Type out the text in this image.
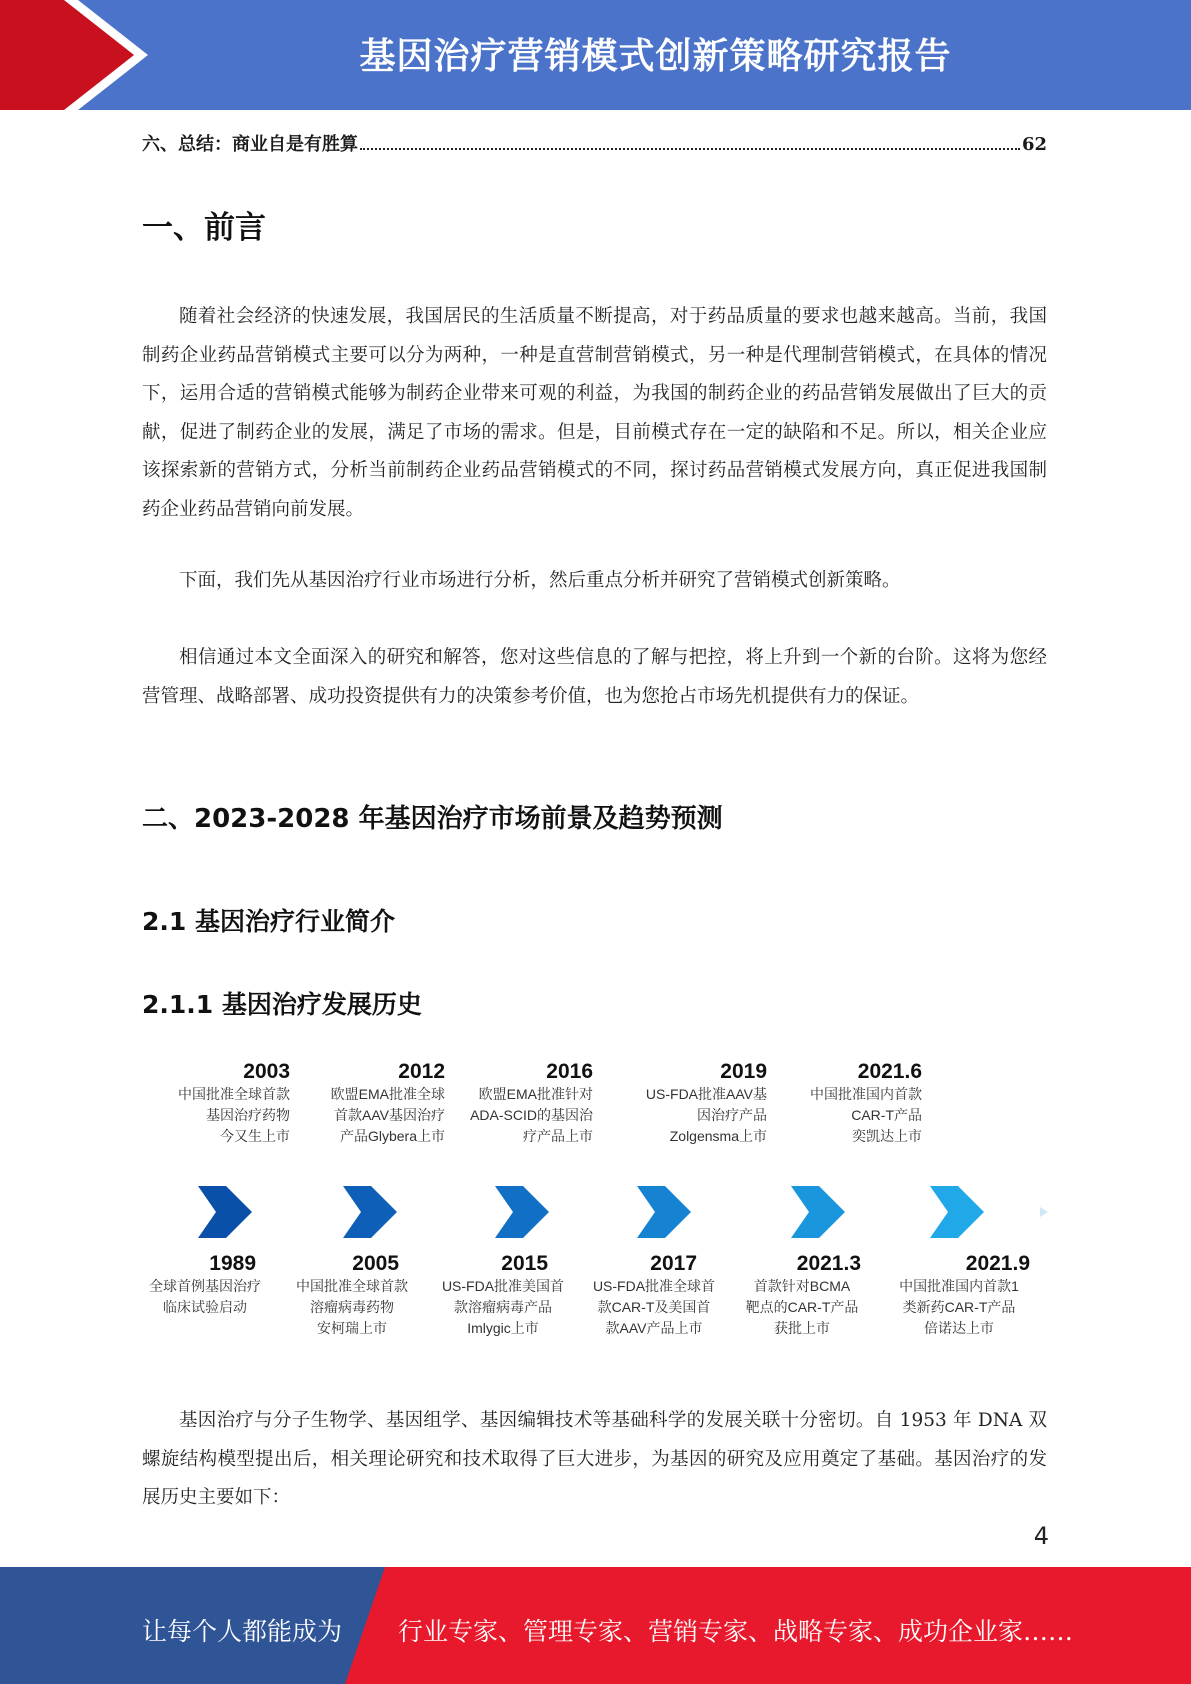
基因治疗营销模式创新策略研究报告
六、总结：商业自是有胜算	62
一、前言

随着社会经济的快速发展，我国居民的生活质量不断提高，对于药品质量的要求也越来越高。当前，我国制药企业药品营销模式主要可以分为两种，一种是直营制营销模式，另一种是代理制营销模式，在具体的情况下，运用合适的营销模式能够为制药企业带来可观的利益，为我国的制药企业的药品营销发展做出了巨大的贡献，促进了制药企业的发展，满足了市场的需求。但是，目前模式存在一定的缺陷和不足。所以，相关企业应该探索新的营销方式，分析当前制药企业药品营销模式的不同，探讨药品营销模式发展方向，真正促进我国制药企业药品营销向前发展。

下面，我们先从基因治疗行业市场进行分析，然后重点分析并研究了营销模式创新策略。

相信通过本文全面深入的研究和解答，您对这些信息的了解与把控，将上升到一个新的台阶。这将为您经营管理、战略部署、成功投资提供有力的决策参考价值，也为您抢占市场先机提供有力的保证。

二、2023-2028 年基因治疗市场前景及趋势预测
2.1 基因治疗行业简介
2.1.1 基因治疗发展历史
2003
中国批准全球首款
基因治疗药物
今又生上市
2012
欧盟EMA批准全球
首款AAV基因治疗
产品Glybera上市
2016
欧盟EMA批准针对
ADA-SCID的基因治
疗产品上市
2019
US-FDA批准AAV基
因治疗产品
Zolgensma上市
2021.6
中国批准国内首款
CAR-T产品
奕凯达上市
1989
全球首例基因治疗
临床试验启动
2005
中国批准全球首款
溶瘤病毒药物
安柯瑞上市
2015
US-FDA批准美国首
款溶瘤病毒产品
Imlygic上市
2017
US-FDA批准全球首
款CAR-T及美国首
款AAV产品上市
2021.3
首款针对BCMA
靶点的CAR-T产品
获批上市
2021.9
中国批准国内首款1
类新药CAR-T产品
倍诺达上市

基因治疗与分子生物学、基因组学、基因编辑技术等基础科学的发展关联十分密切。自 1953 年 DNA 双螺旋结构模型提出后，相关理论研究和技术取得了巨大进步，为基因的研究及应用奠定了基础。基因治疗的发展历史主要如下：

4
让每个人都能成为 行业专家、管理专家、营销专家、战略专家、成功企业家……
